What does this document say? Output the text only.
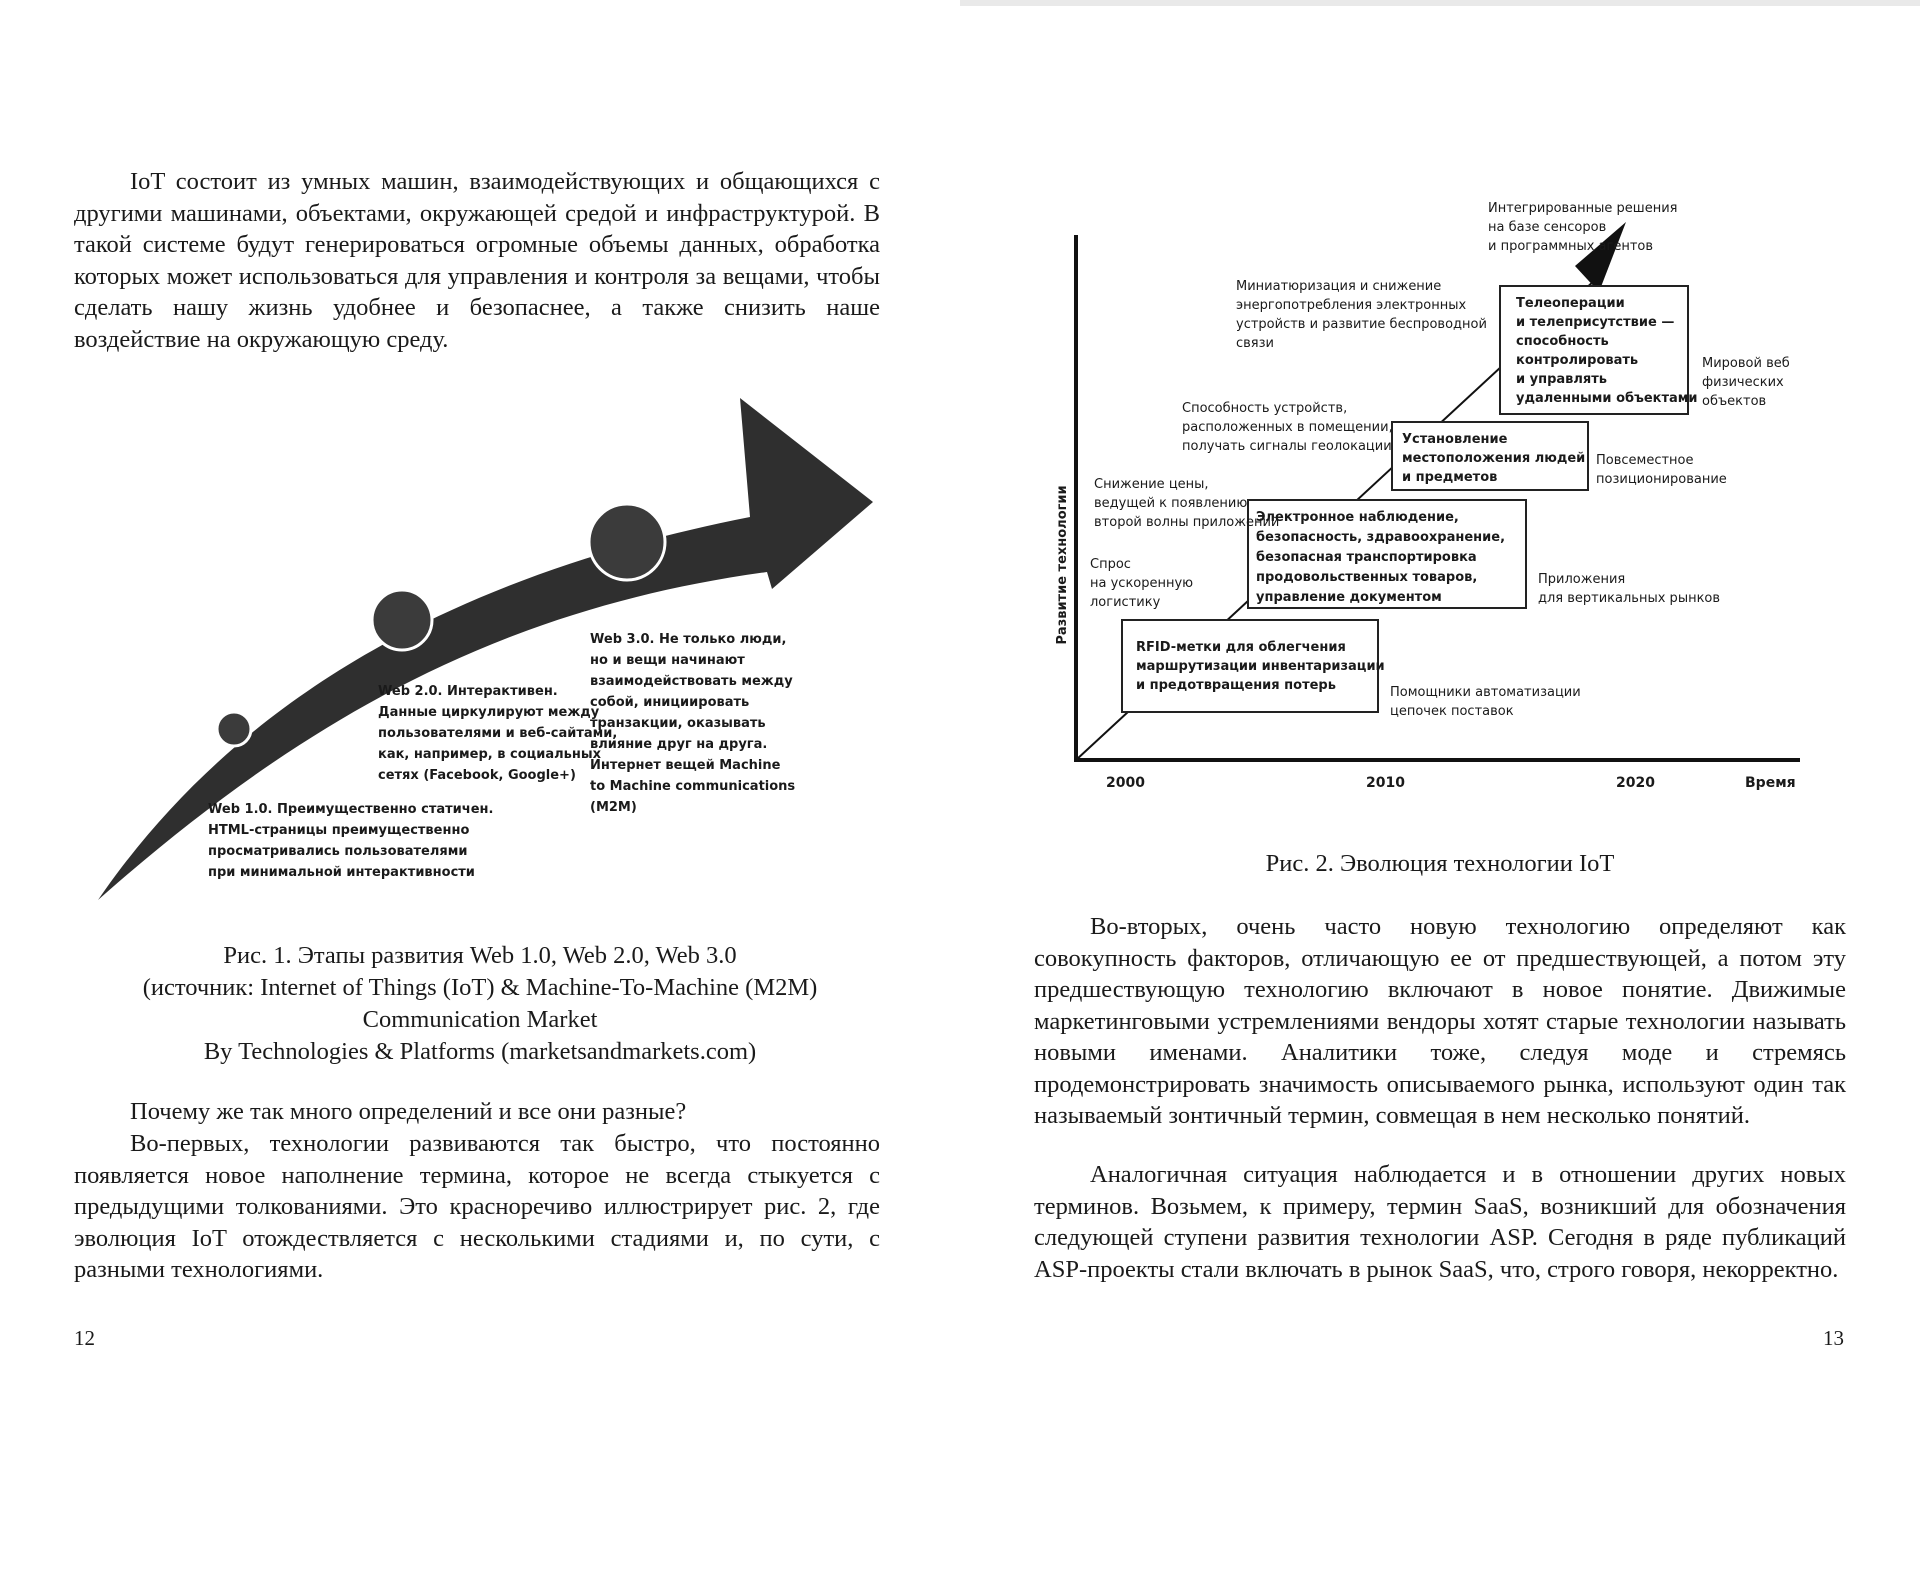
IoT состоит из умных машин, взаимодействующих и общающихся с другими машинами, объектами, окружающей средой и инфраструктурой. В такой системе будут генерироваться огромные объемы данных, обработка которых может использоваться для управления и контроля за вещами, чтобы сделать нашу жизнь удобнее и безопаснее, а также снизить наше воздействие на окружающую среду.

Web 1.0. Преимущественно статичен. HTML-страницы преимущественно просматривались пользователями при минимальной интерактивности
Web 2.0. Интерактивен. Данные циркулируют между пользователями и веб-сайтами, как, например, в социальных сетях (Facebook, Google+)
Web 3.0. Не только люди, но и вещи начинают взаимодействовать между собой, инициировать транзакции, оказывать влияние друг на друга. Интернет вещей Machine to Machine communications (M2M)
Рис. 1. Этапы развития Web 1.0, Web 2.0, Web 3.0
(источник: Internet of Things (IoT) & Machine-To-Machine (M2M)
Communication Market
By Technologies & Platforms (marketsandmarkets.com)

Почему же так много определений и все они разные?

Во-первых, технологии развиваются так быстро, что постоянно появляется новое наполнение термина, которое не всегда стыкуется с предыдущими толкованиями. Это красноречиво иллюстрирует рис. 2, где эволюция IoT отождествляется с несколькими стадиями и, по сути, с разными технологиями.

12
Развитие технологии
2000	2010	2020	Время
RFID-метки для облегчения маршрутизации инвентаризации и предотвращения потерь
Электронное наблюдение, безопасность, здравоохранение, безопасная транспортировка продовольственных товаров, управление документом
Установление местоположения людей и предметов
Телеоперации и телеприсутствие — способность контролировать и управлять удаленными объектами
Спрос на ускоренную логистику
Снижение цены, ведущей к появлению второй волны приложений
Способность устройств, расположенных в помещении, получать сигналы геолокации
Миниатюризация и снижение энергопотребления электронных устройств и развитие беспроводной связи
Интегрированные решения на базе сенсоров и программных агентов
Помощники автоматизации цепочек поставок
Приложения для вертикальных рынков
Повсеместное позиционирование
Мировой веб физических объектов
Рис. 2. Эволюция технологии IoT

Во-вторых, очень часто новую технологию определяют как совокупность факторов, отличающую ее от предшествующей, а потом эту предшествующую технологию включают в новое понятие. Движимые маркетинговыми устремлениями вендоры хотят старые технологии называть новыми именами. Аналитики тоже, следуя моде и стремясь продемонстрировать значимость описываемого рынка, используют один так называемый зонтичный термин, совмещая в нем несколько понятий.

Аналогичная ситуация наблюдается и в отношении других новых терминов. Возьмем, к примеру, термин SaaS, возникший для обозначения следующей ступени развития технологии ASP. Сегодня в ряде публикаций ASP-проекты стали включать в рынок SaaS, что, строго говоря, некорректно.

13
